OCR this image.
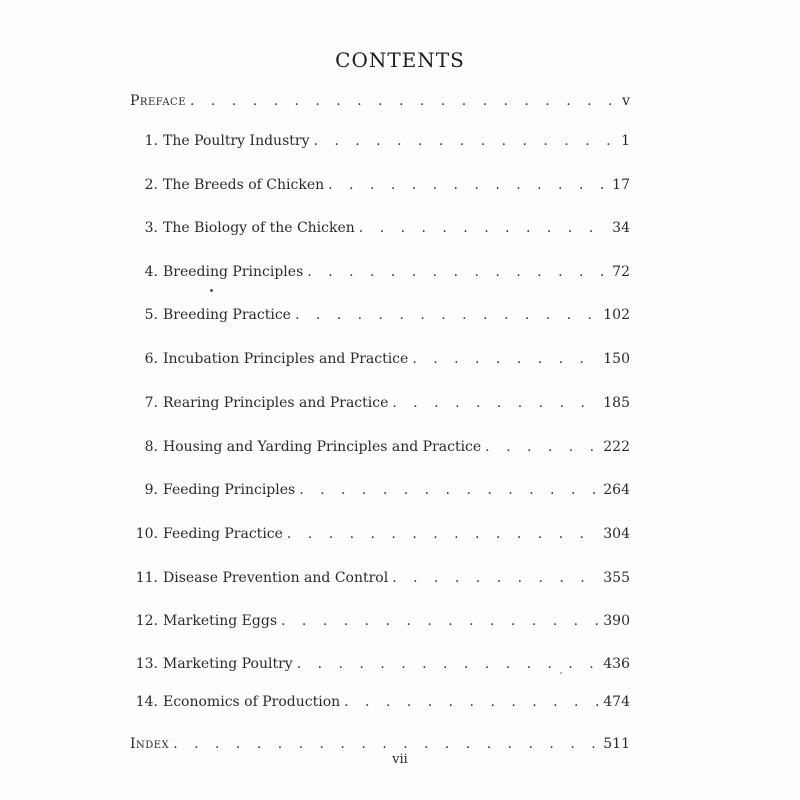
CONTENTS
Preface . . .	v
1. The Poultry Industry . . .	1
2. The Breeds of Chicken . . .	17
3. The Biology of the Chicken . . .	34
4. Breeding Principles . . .	72
5. Breeding Practice . . .	102
6. Incubation Principles and Practice . . .	150
7. Rearing Principles and Practice . . .	185
8. Housing and Yarding Principles and Practice . . .	222
9. Feeding Principles . . .	264
10. Feeding Practice . . .	304
11. Disease Prevention and Control . . .	355
12. Marketing Eggs . . .	390
13. Marketing Poultry . . .	436
14. Economics of Production . . .	474
Index . . .	511
vii
